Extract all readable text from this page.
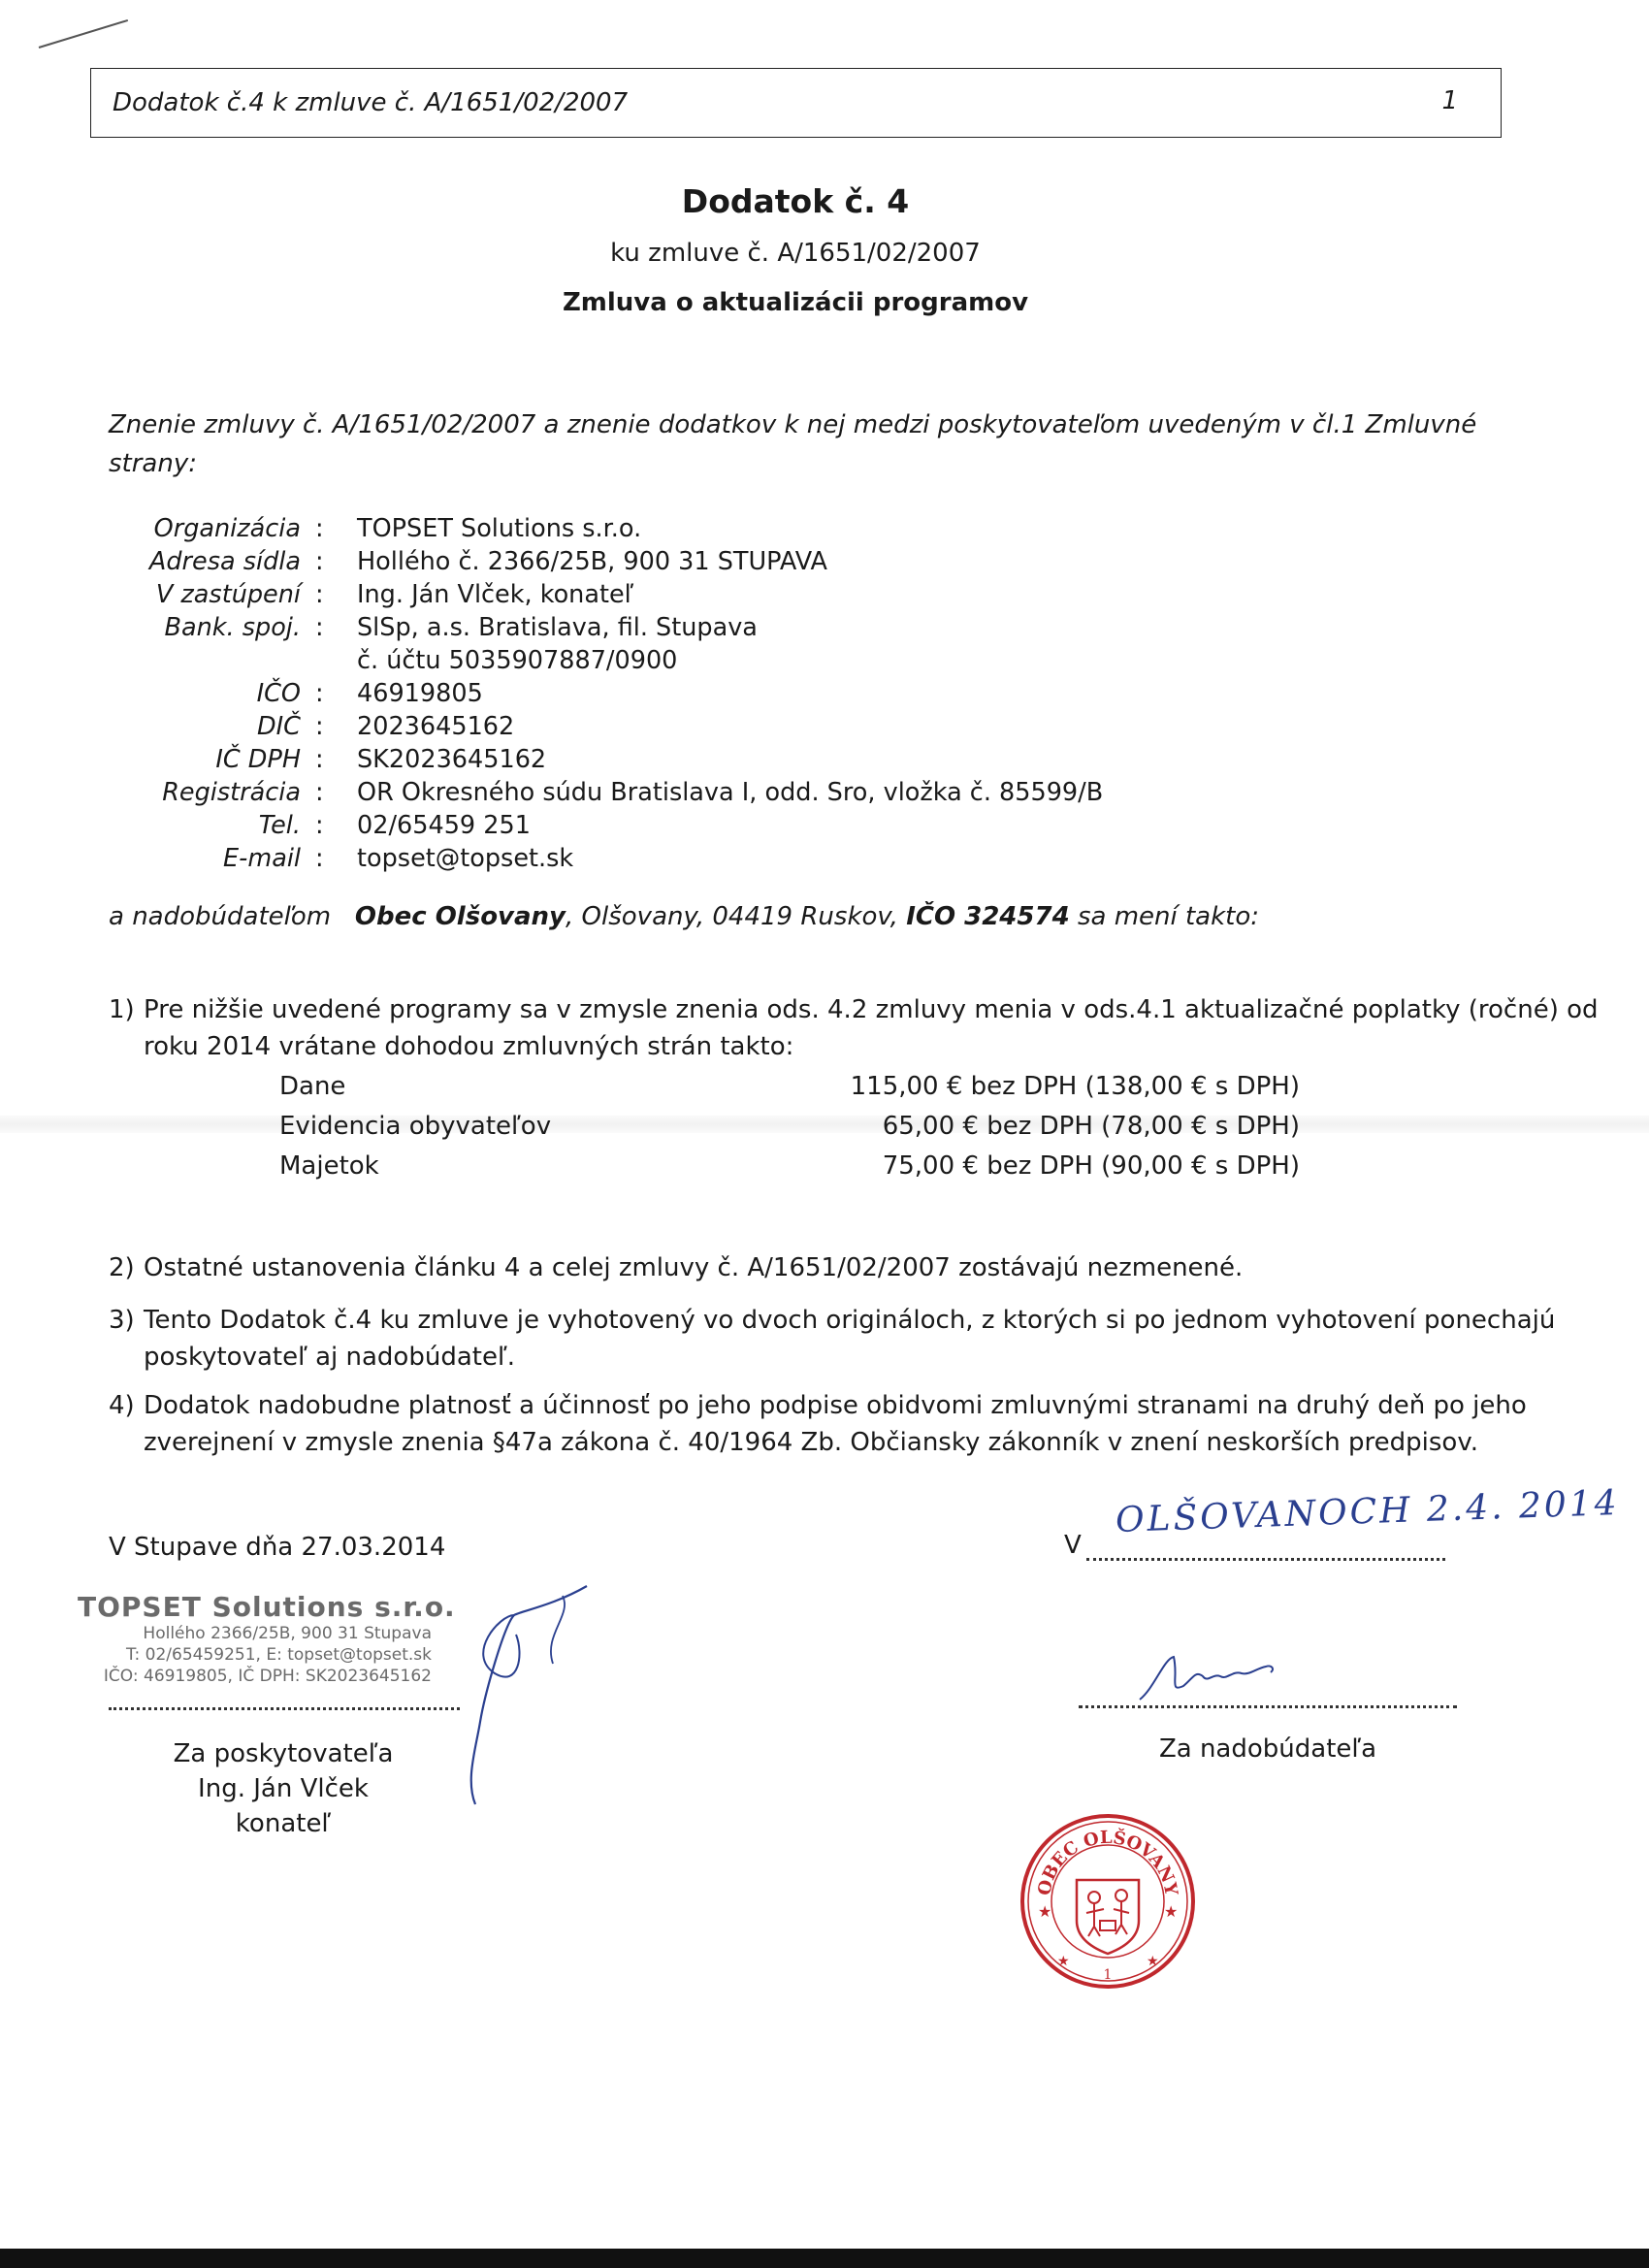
Dodatok č.4 k zmluve č. A/1651/02/2007	1
Dodatok č. 4
ku zmluve č. A/1651/02/2007
Zmluva o aktualizácii programov
Znenie zmluvy č. A/1651/02/2007 a znenie dodatkov k nej medzi poskytovateľom uvedeným v čl.1 Zmluvné strany:
Organizácia : TOPSET Solutions s.r.o.
Adresa sídla : Hollého č. 2366/25B, 900 31 STUPAVA
V zastúpení : Ing. Ján Vlček, konateľ
Bank. spoj. : SlSp, a.s. Bratislava, fil. Stupava
č. účtu 5035907887/0900
IČO : 46919805
DIČ : 2023645162
IČ DPH : SK2023645162
Registrácia : OR Okresného súdu Bratislava I, odd. Sro, vložka č. 85599/B
Tel. : 02/65459 251
E-mail : topset@topset.sk
a nadobúdateľom Obec Olšovany, Olšovany, 04419 Ruskov, IČO 324574 sa mení takto:
1) Pre nižšie uvedené programy sa v zmysle znenia ods. 4.2 zmluvy menia v ods.4.1 aktualizačné poplatky (ročné) od roku 2014 vrátane dohodou zmluvných strán takto:
Dane	115,00 € bez DPH (138,00 € s DPH)
Evidencia obyvateľov	65,00 € bez DPH (78,00 € s DPH)
Majetok	75,00 € bez DPH (90,00 € s DPH)
2) Ostatné ustanovenia článku 4 a celej zmluvy č. A/1651/02/2007 zostávajú nezmenené.
3) Tento Dodatok č.4 ku zmluve je vyhotovený vo dvoch origináloch, z ktorých si po jednom vyhotovení ponechajú poskytovateľ aj nadobúdateľ.
4) Dodatok nadobudne platnosť a účinnosť po jeho podpise obidvomi zmluvnými stranami na druhý deň po jeho zverejnení v zmysle znenia §47a zákona č. 40/1964 Zb. Občiansky zákonník v znení neskorších predpisov.
V Stupave dňa 27.03.2014	V
OLŠOVANOCH 2.4. 2014
TOPSET Solutions s.r.o.
Hollého 2366/25B, 900 31 Stupava
T: 02/65459251, E: topset@topset.sk
IČO: 46919805, IČ DPH: SK2023645162
Za poskytovateľa
Ing. Ján Vlček
konateľ
Za nadobúdateľa
OBEC OLŠOVANY
★	★
★	★
1
